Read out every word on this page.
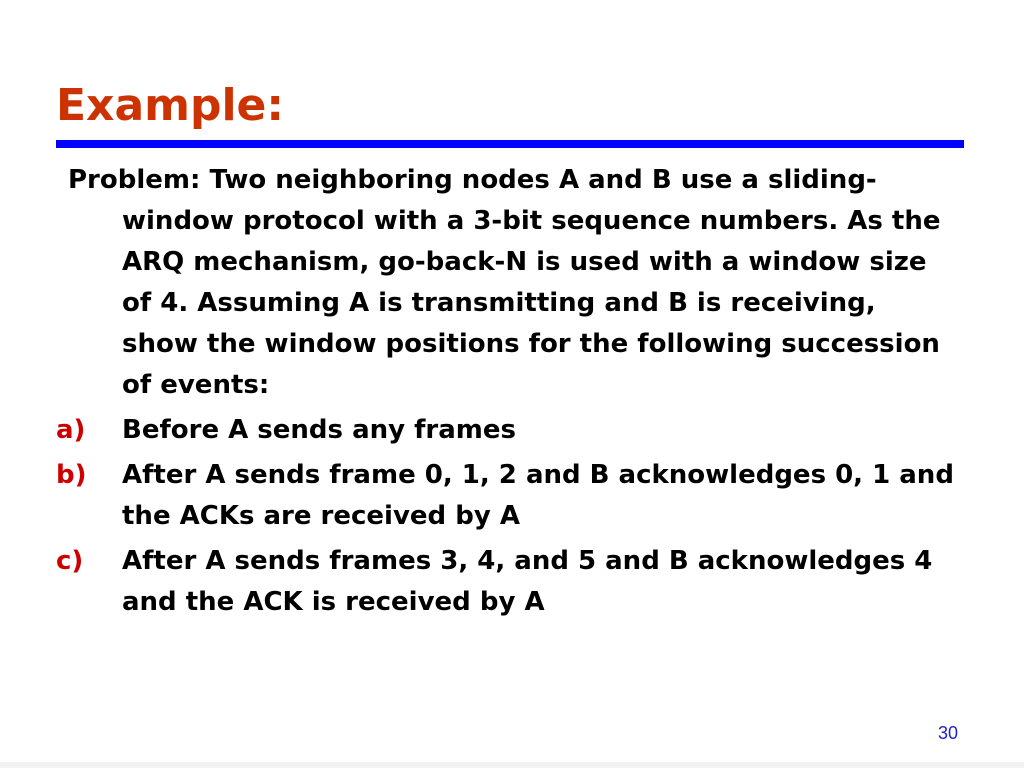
Example:

Problem: Two neighboring nodes A and B use a sliding-window protocol with a 3-bit sequence numbers. As the ARQ mechanism, go-back-N is used with a window size of 4. Assuming A is transmitting and B is receiving, show the window positions for the following succession of events:

a) Before A sends any frames
b) After A sends frame 0, 1, 2 and B acknowledges 0, 1 and the ACKs are received by A
c) After A sends frames 3, 4, and 5 and B acknowledges 4 and the ACK is received by A
30
